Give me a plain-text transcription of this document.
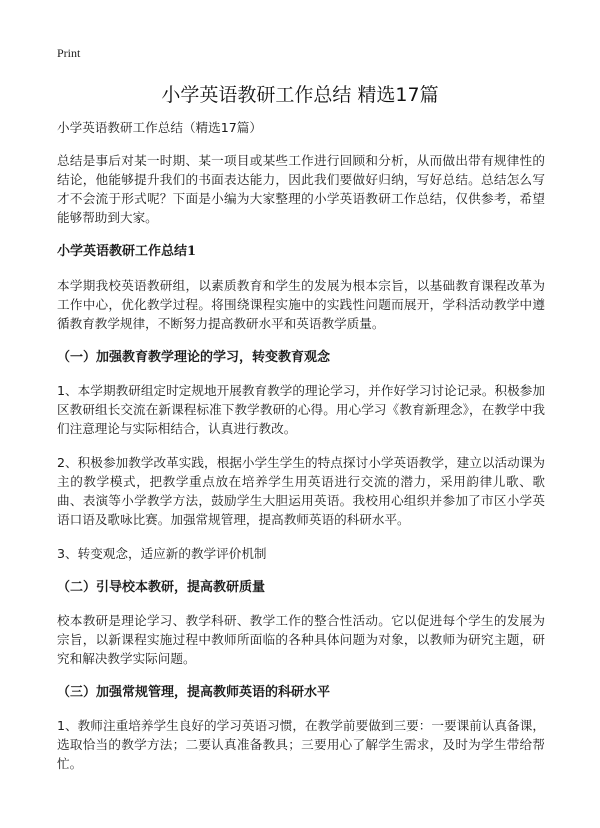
Print
小学英语教研工作总结 精选17篇

小学英语教研工作总结（精选17篇）

总结是事后对某一时期、某一项目或某些工作进行回顾和分析，从而做出带有规律性的结论，他能够提升我们的书面表达能力，因此我们要做好归纳，写好总结。总结怎么写才不会流于形式呢？下面是小编为大家整理的小学英语教研工作总结，仅供参考，希望能够帮助到大家。

小学英语教研工作总结1

本学期我校英语教研组，以素质教育和学生的发展为根本宗旨，以基础教育课程改革为工作中心，优化教学过程。将围绕课程实施中的实践性问题而展开，学科活动教学中遵循教育教学规律，不断努力提高教研水平和英语教学质量。

（一）加强教育教学理论的学习，转变教育观念

1、本学期教研组定时定规地开展教育教学的理论学习，并作好学习讨论记录。积极参加区教研组长交流在新课程标准下教学教研的心得。用心学习《教育新理念》，在教学中我们注意理论与实际相结合，认真进行教改。

2、积极参加教学改革实践，根据小学生学生的特点探讨小学英语教学，建立以活动课为主的教学模式，把教学重点放在培养学生用英语进行交流的潜力，采用韵律儿歌、歌曲、表演等小学教学方法，鼓励学生大胆运用英语。我校用心组织并参加了市区小学英语口语及歌咏比赛。加强常规管理，提高教师英语的科研水平。

3、转变观念，适应新的教学评价机制

（二）引导校本教研，提高教研质量

校本教研是理论学习、教学科研、教学工作的整合性活动。它以促进每个学生的发展为宗旨，以新课程实施过程中教师所面临的各种具体问题为对象，以教师为研究主题，研究和解决教学实际问题。

（三）加强常规管理，提高教师英语的科研水平

1、教师注重培养学生良好的学习英语习惯，在教学前要做到三要：一要课前认真备课，选取恰当的教学方法；二要认真准备教具；三要用心了解学生需求，及时为学生带给帮忙。
